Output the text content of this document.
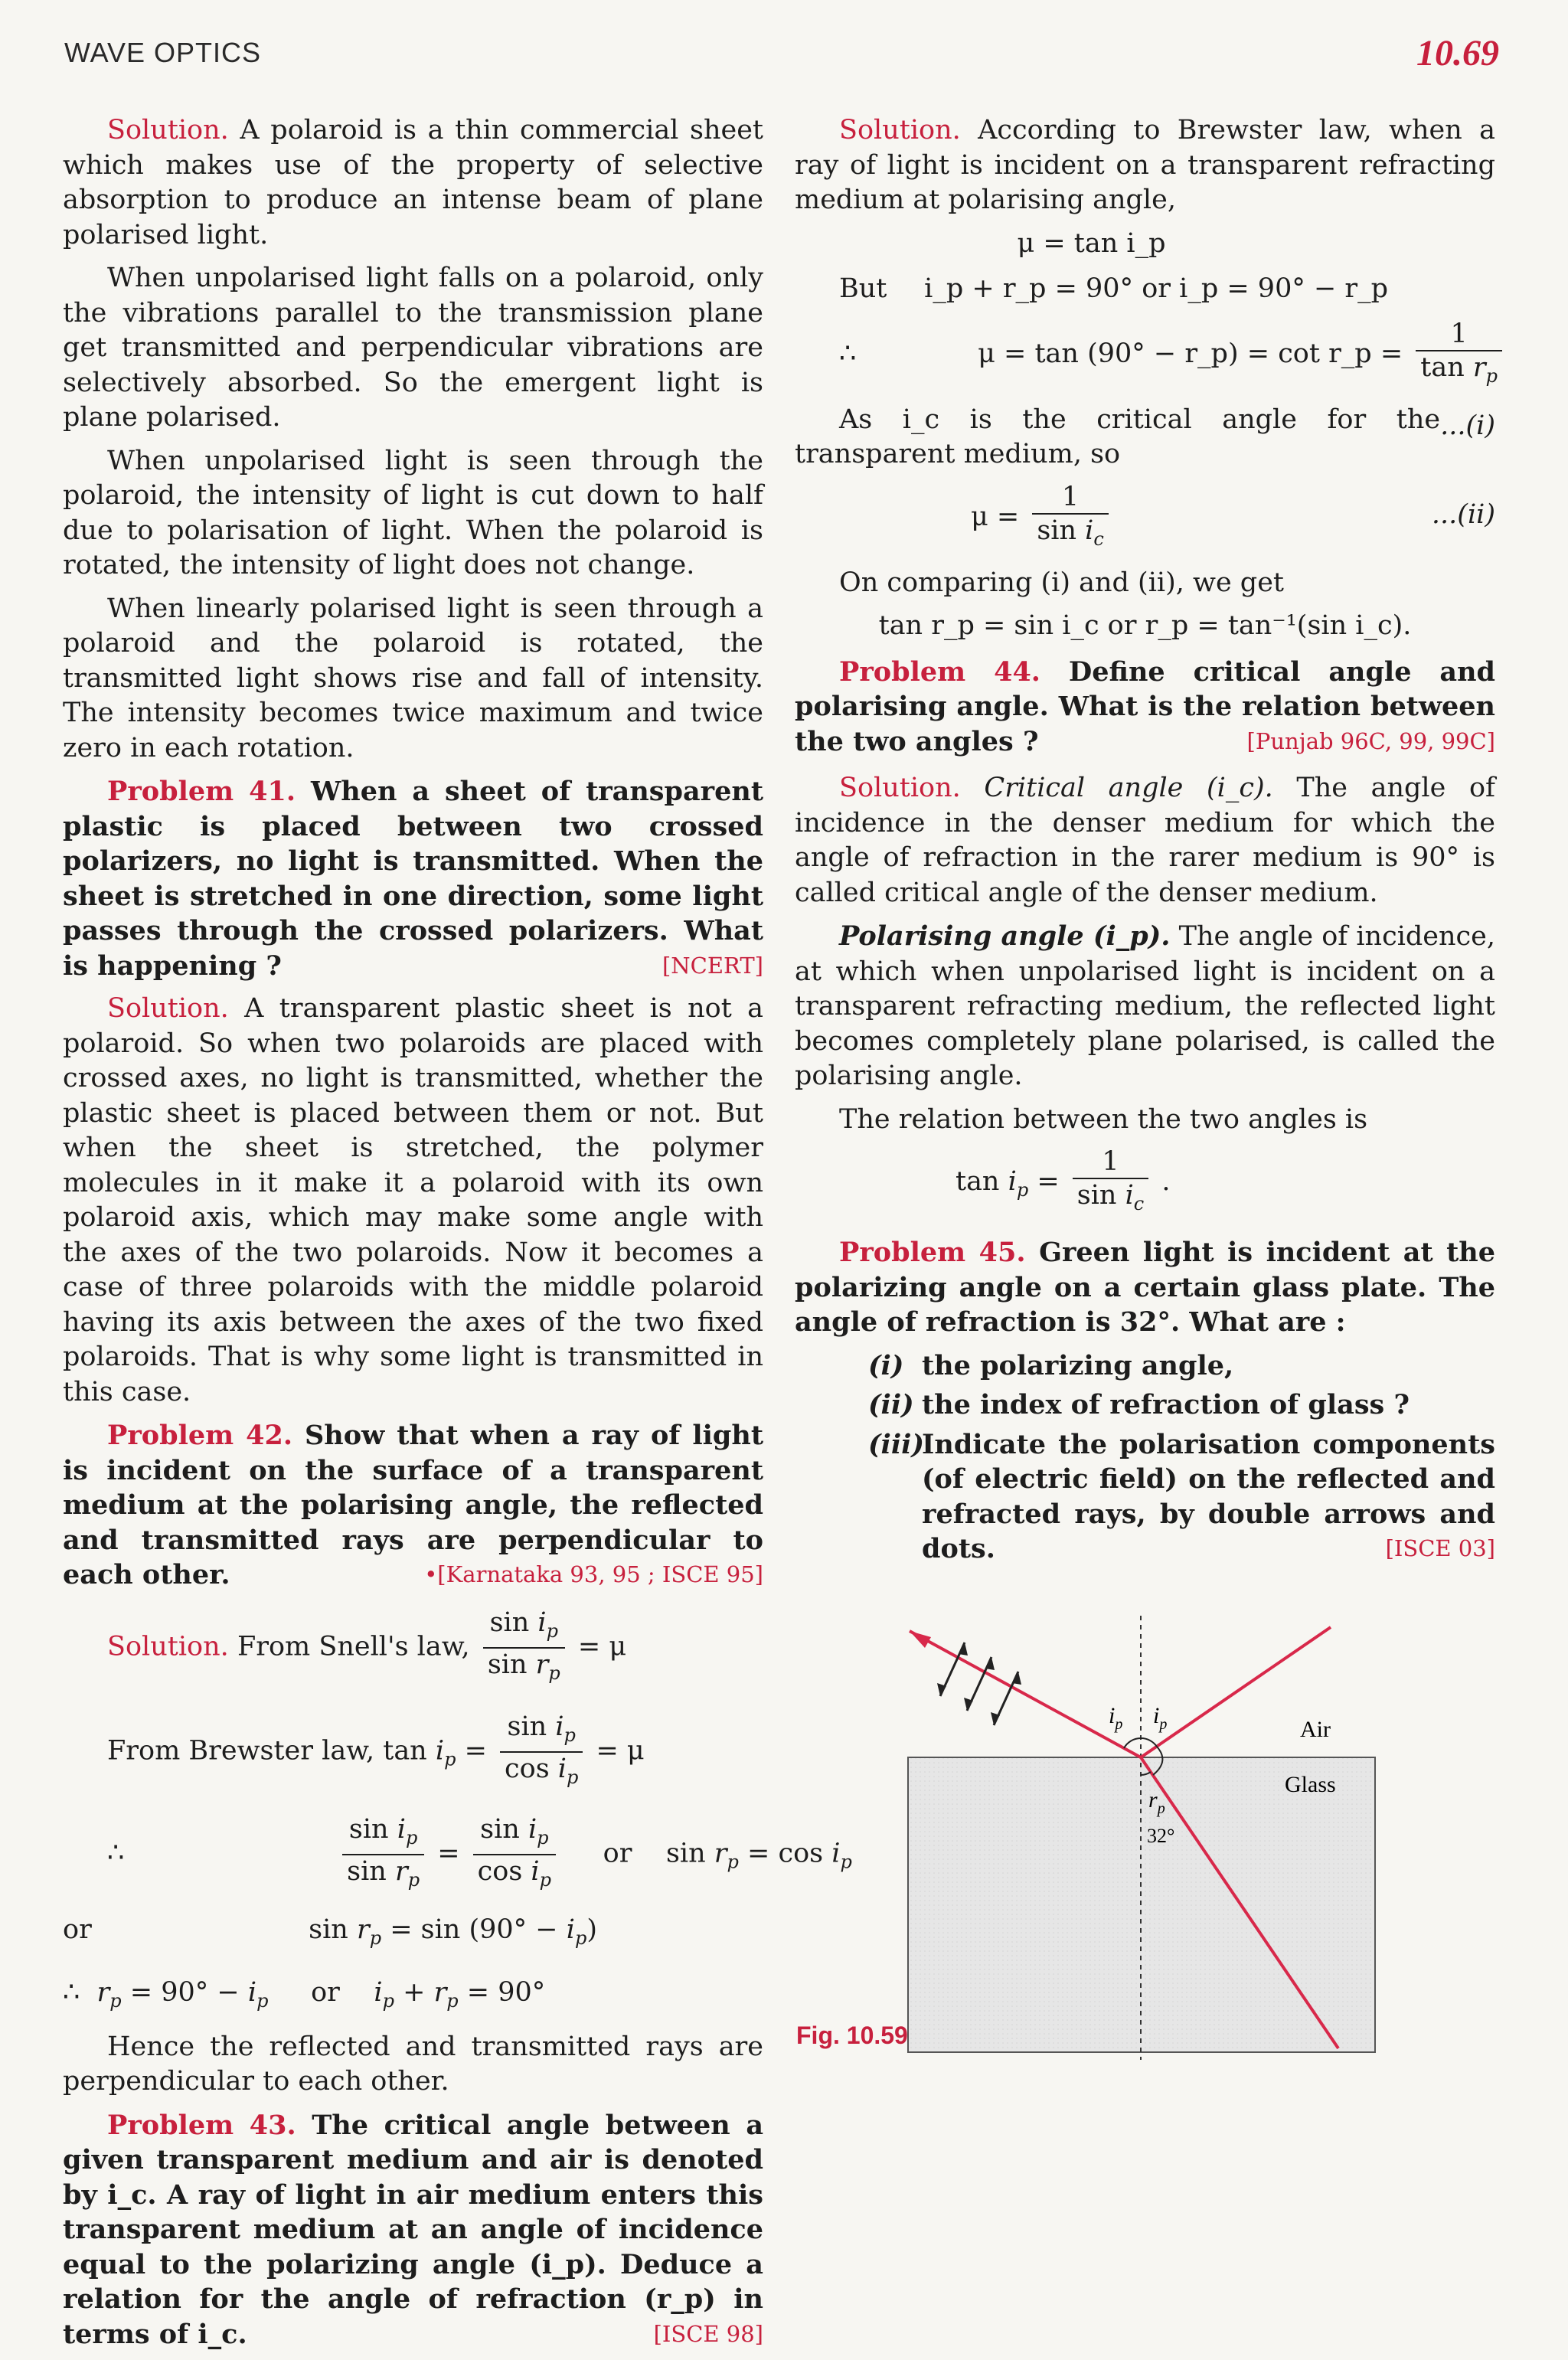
WAVE OPTICS	10.69

Solution. A polaroid is a thin commercial sheet which makes use of the property of selective absorption to produce an intense beam of plane polarised light.

When unpolarised light falls on a polaroid, only the vibrations parallel to the transmission plane get transmitted and perpendicular vibrations are selectively absorbed. So the emergent light is plane polarised.

When unpolarised light is seen through the polaroid, the intensity of light is cut down to half due to polarisation of light. When the polaroid is rotated, the intensity of light does not change.

When linearly polarised light is seen through a polaroid and the polaroid is rotated, the transmitted light shows rise and fall of intensity. The intensity becomes twice maximum and twice zero in each rotation.

Problem 41. When a sheet of transparent plastic is placed between two crossed polarizers, no light is transmitted. When the sheet is stretched in one direction, some light passes through the crossed polarizers. What is happening ?	[NCERT]

Solution. A transparent plastic sheet is not a polaroid. So when two polaroids are placed with crossed axes, no light is transmitted, whether the plastic sheet is placed between them or not. But when the sheet is stretched, the polymer molecules in it make it a polaroid with its own polaroid axis, which may make some angle with the axes of the two polaroids. Now it becomes a case of three polaroids with the middle polaroid having its axis between the axes of the two fixed polaroids. That is why some light is transmitted in this case.

Problem 42. Show that when a ray of light is incident on the surface of a transparent medium at the polarising angle, the reflected and transmitted rays are perpendicular to each other.	•[Karnataka 93, 95 ; ISCE 95]

Solution. From Snell's law, $\frac{\sin i_p}{\sin r_p} = \mu$
From Brewster law, $\tan i_p = \frac{\sin i_p}{\cos i_p} = \mu$
∴	$\frac{\sin i_p}{\sin r_p} = \frac{\sin i_p}{\cos i_p}$ or    $\sin r_p = \cos i_p$
or	$\sin r_p = \sin (90^\circ - i_p)$
∴ $r_p = 90^\circ - i_p$ or $i_p + r_p = 90^\circ$

Hence the reflected and transmitted rays are perpendicular to each other.

Problem 43. The critical angle between a given transparent medium and air is denoted by i_c. A ray of light in air medium enters this transparent medium at an angle of incidence equal to the polarizing angle (i_p). Deduce a relation for the angle of refraction (r_p) in terms of i_c.	[ISCE 98]

Solution. According to Brewster law, when a ray of light is incident on a transparent refracting medium at polarising angle,

μ = tan i_p
But i_p + r_p = 90° or i_p = 90° − r_p
∴	μ = tan (90° − r_p) = cot r_p = $\frac{1}{\tan r_p}$
...(i)

As i_c is the critical angle for the transparent medium, so

$\mu = \frac{1}{\sin i_c}$	...(ii)

On comparing (i) and (ii), we get

tan r_p = sin i_c or r_p = tan⁻¹(sin i_c).

Problem 44. Define critical angle and polarising angle. What is the relation between the two angles ?	[Punjab 96C, 99, 99C]

Solution. Critical angle (i_c). The angle of incidence in the denser medium for which the angle of refraction in the rarer medium is 90° is called critical angle of the denser medium.

Polarising angle (i_p). The angle of incidence, at which when unpolarised light is incident on a transparent refracting medium, the reflected light becomes completely plane polarised, is called the polarising angle.

The relation between the two angles is

$\tan i_p = \frac{1}{\sin i_c}$ .

Problem 45. Green light is incident at the polarizing angle on a certain glass plate. The angle of refraction is 32°. What are :

(i) the polarizing angle,
(ii) the index of refraction of glass ?
(iii)
Indicate the polarisation components (of electric field) on the reflected and refracted rays, by double arrows and dots.	[ISCE 03]
$i_p$ $i_p$
$r_p$
32°
Air
Glass
Fig. 10.59
